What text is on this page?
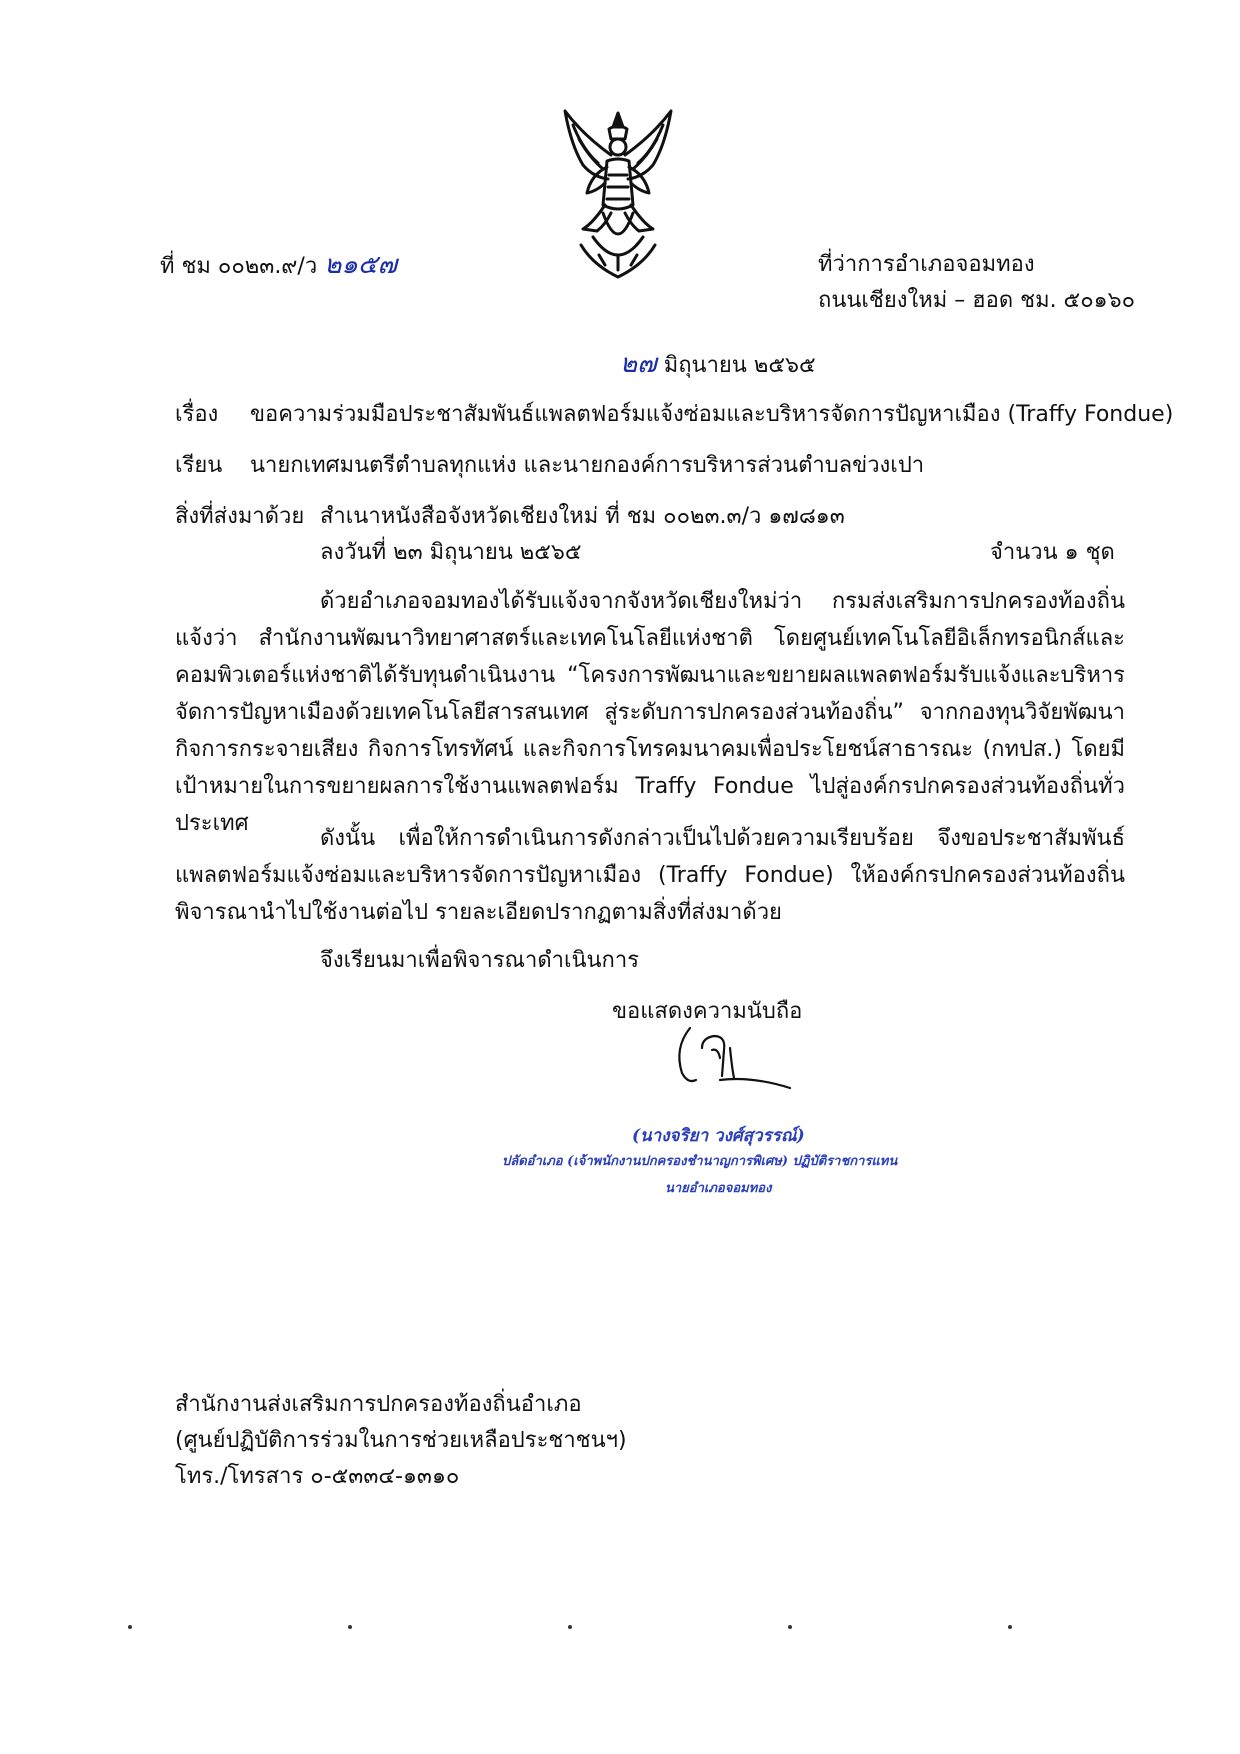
ที่ ชม ๐๐๒๓.๙/ว ๒๑๕๗	ที่ว่าการอำเภอจอมทอง
ถนนเชียงใหม่ – ฮอด ชม. ๕๐๑๖๐
๒๗ มิถุนายน ๒๕๖๕
เรื่อง ขอความร่วมมือประชาสัมพันธ์แพลตฟอร์มแจ้งซ่อมและบริหารจัดการปัญหาเมือง (Traffy Fondue)
เรียน นายกเทศมนตรีตำบลทุกแห่ง และนายกองค์การบริหารส่วนตำบลข่วงเปา
สิ่งที่ส่งมาด้วย สำเนาหนังสือจังหวัดเชียงใหม่ ที่ ชม ๐๐๒๓.๓/ว ๑๗๘๑๓
ลงวันที่ ๒๓ มิถุนายน ๒๕๖๕	จำนวน ๑ ชุด
ด้วยอำเภอจอมทองได้รับแจ้งจากจังหวัดเชียงใหม่ว่า กรมส่งเสริมการปกครองท้องถิ่นแจ้งว่า สำนักงานพัฒนาวิทยาศาสตร์และเทคโนโลยีแห่งชาติ โดยศูนย์เทคโนโลยีอิเล็กทรอนิกส์และคอมพิวเตอร์แห่งชาติได้รับทุนดำเนินงาน “โครงการพัฒนาและขยายผลแพลตฟอร์มรับแจ้งและบริหารจัดการปัญหาเมืองด้วยเทคโนโลยีสารสนเทศ สู่ระดับการปกครองส่วนท้องถิ่น” จากกองทุนวิจัยพัฒนากิจการกระจายเสียง กิจการโทรทัศน์ และกิจการโทรคมนาคมเพื่อประโยชน์สาธารณะ (กทปส.) โดยมีเป้าหมายในการขยายผลการใช้งานแพลตฟอร์ม Traffy Fondue ไปสู่องค์กรปกครองส่วนท้องถิ่นทั่วประเทศ
ดังนั้น เพื่อให้การดำเนินการดังกล่าวเป็นไปด้วยความเรียบร้อย จึงขอประชาสัมพันธ์แพลตฟอร์มแจ้งซ่อมและบริหารจัดการปัญหาเมือง (Traffy Fondue) ให้องค์กรปกครองส่วนท้องถิ่นพิจารณานำไปใช้งานต่อไป รายละเอียดปรากฏตามสิ่งที่ส่งมาด้วย
จึงเรียนมาเพื่อพิจารณาดำเนินการ
ขอแสดงความนับถือ
(นางจริยา วงศ์สุวรรณ์)
ปลัดอำเภอ (เจ้าพนักงานปกครองชำนาญการพิเศษ) ปฏิบัติราชการแทน
นายอำเภอจอมทอง
สำนักงานส่งเสริมการปกครองท้องถิ่นอำเภอ
(ศูนย์ปฏิบัติการร่วมในการช่วยเหลือประชาชนฯ)
โทร./โทรสาร ๐-๕๓๓๔-๑๓๑๐
